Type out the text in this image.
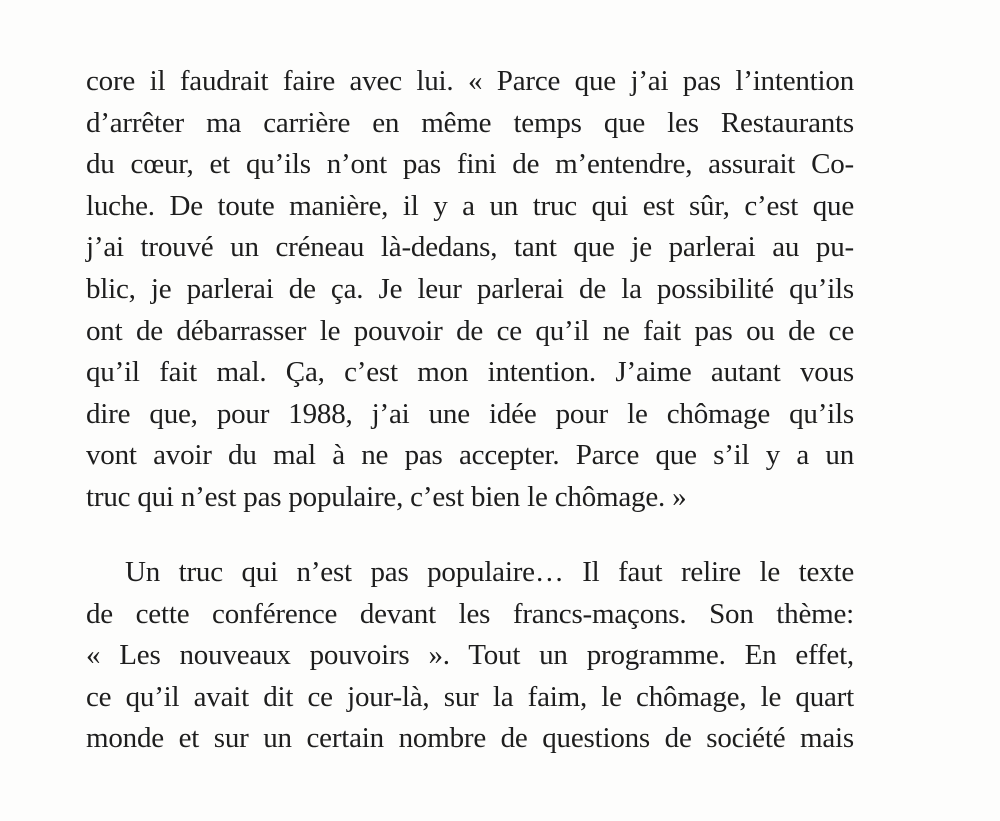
core il faudrait faire avec lui. « Parce que j’ai pas l’intention
d’arrêter ma carrière en même temps que les Restaurants
du cœur, et qu’ils n’ont pas fini de m’entendre, assurait Co-
luche. De toute manière, il y a un truc qui est sûr, c’est que
j’ai trouvé un créneau là-dedans, tant que je parlerai au pu-
blic, je parlerai de ça. Je leur parlerai de la possibilité qu’ils
ont de débarrasser le pouvoir de ce qu’il ne fait pas ou de ce
qu’il fait mal. Ça, c’est mon intention. J’aime autant vous
dire que, pour 1988, j’ai une idée pour le chômage qu’ils
vont avoir du mal à ne pas accepter. Parce que s’il y a un
truc qui n’est pas populaire, c’est bien le chômage. »
Un truc qui n’est pas populaire… Il faut relire le texte
de cette conférence devant les francs-maçons. Son thème:
« Les nouveaux pouvoirs ». Tout un programme. En effet,
ce qu’il avait dit ce jour-là, sur la faim, le chômage, le quart
monde et sur un certain nombre de questions de société mais
